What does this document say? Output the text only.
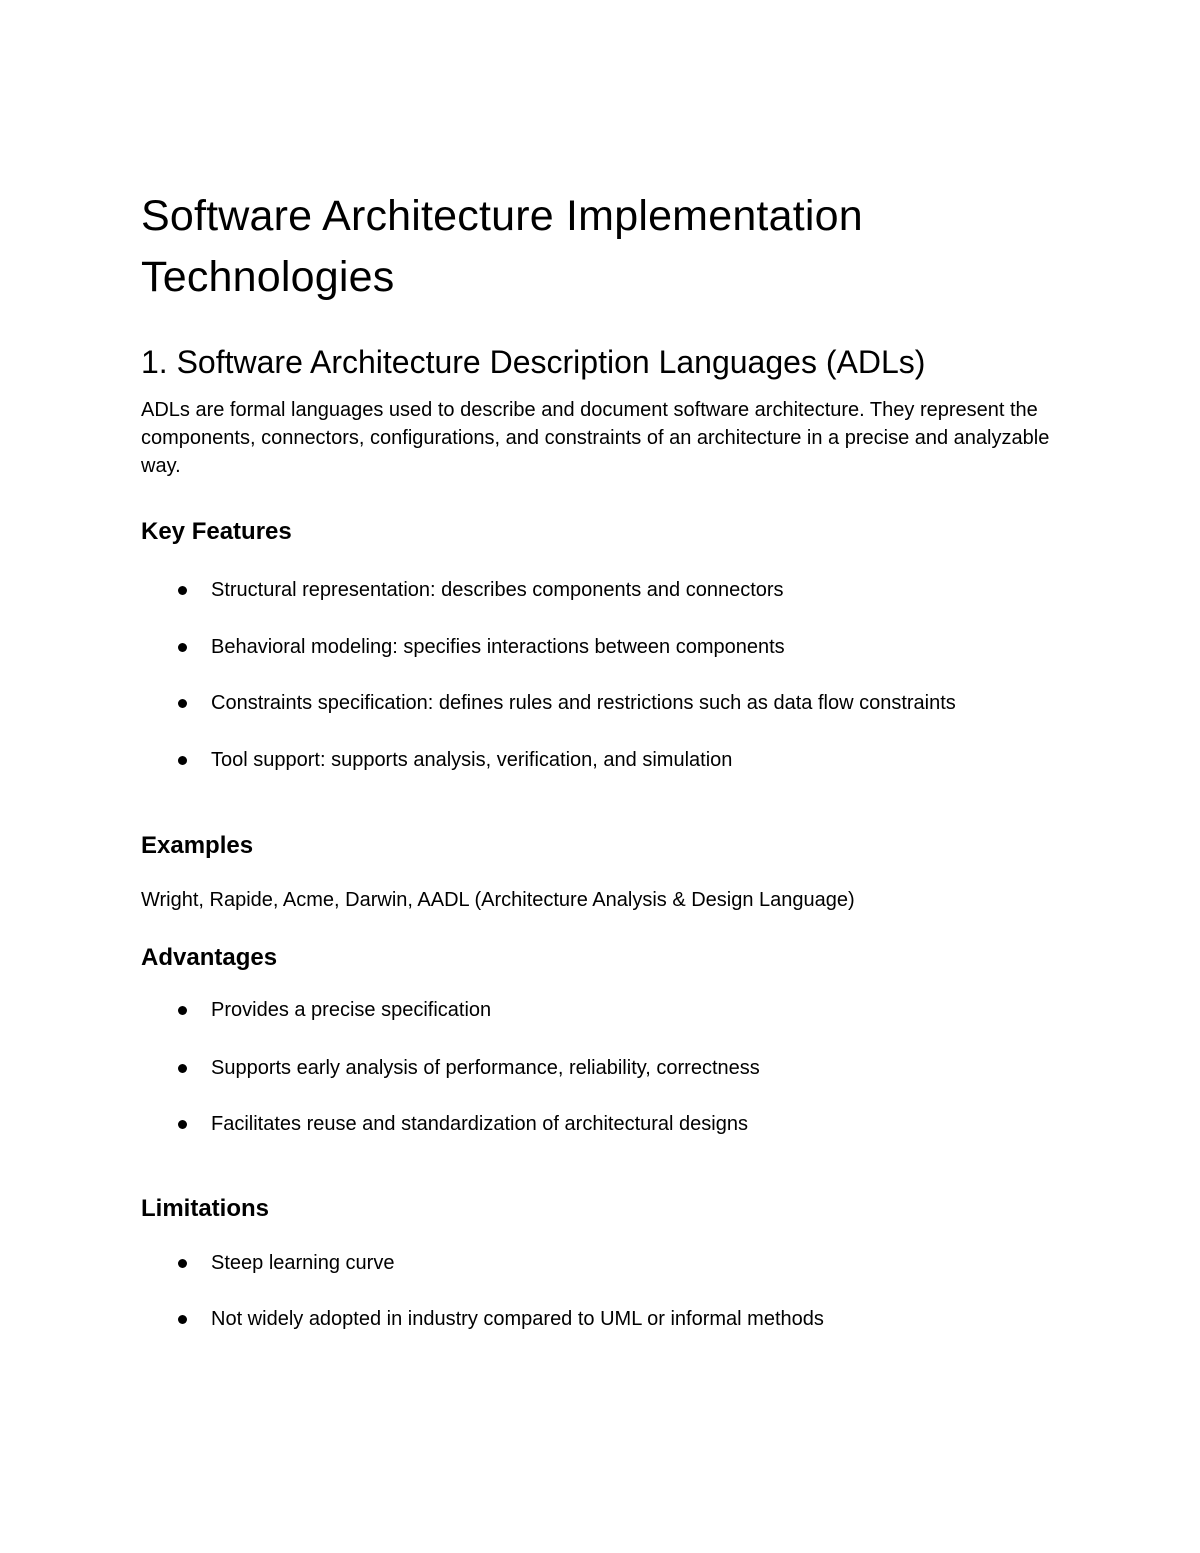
Software Architecture Implementation Technologies
1. Software Architecture Description Languages (ADLs)

ADLs are formal languages used to describe and document software architecture. They represent the components, connectors, configurations, and constraints of an architecture in a precise and analyzable way.

Key Features
Structural representation: describes components and connectors
Behavioral modeling: specifies interactions between components
Constraints specification: defines rules and restrictions such as data flow constraints
Tool support: supports analysis, verification, and simulation
Examples

Wright, Rapide, Acme, Darwin, AADL (Architecture Analysis & Design Language)

Advantages
Provides a precise specification
Supports early analysis of performance, reliability, correctness
Facilitates reuse and standardization of architectural designs
Limitations
Steep learning curve
Not widely adopted in industry compared to UML or informal methods
